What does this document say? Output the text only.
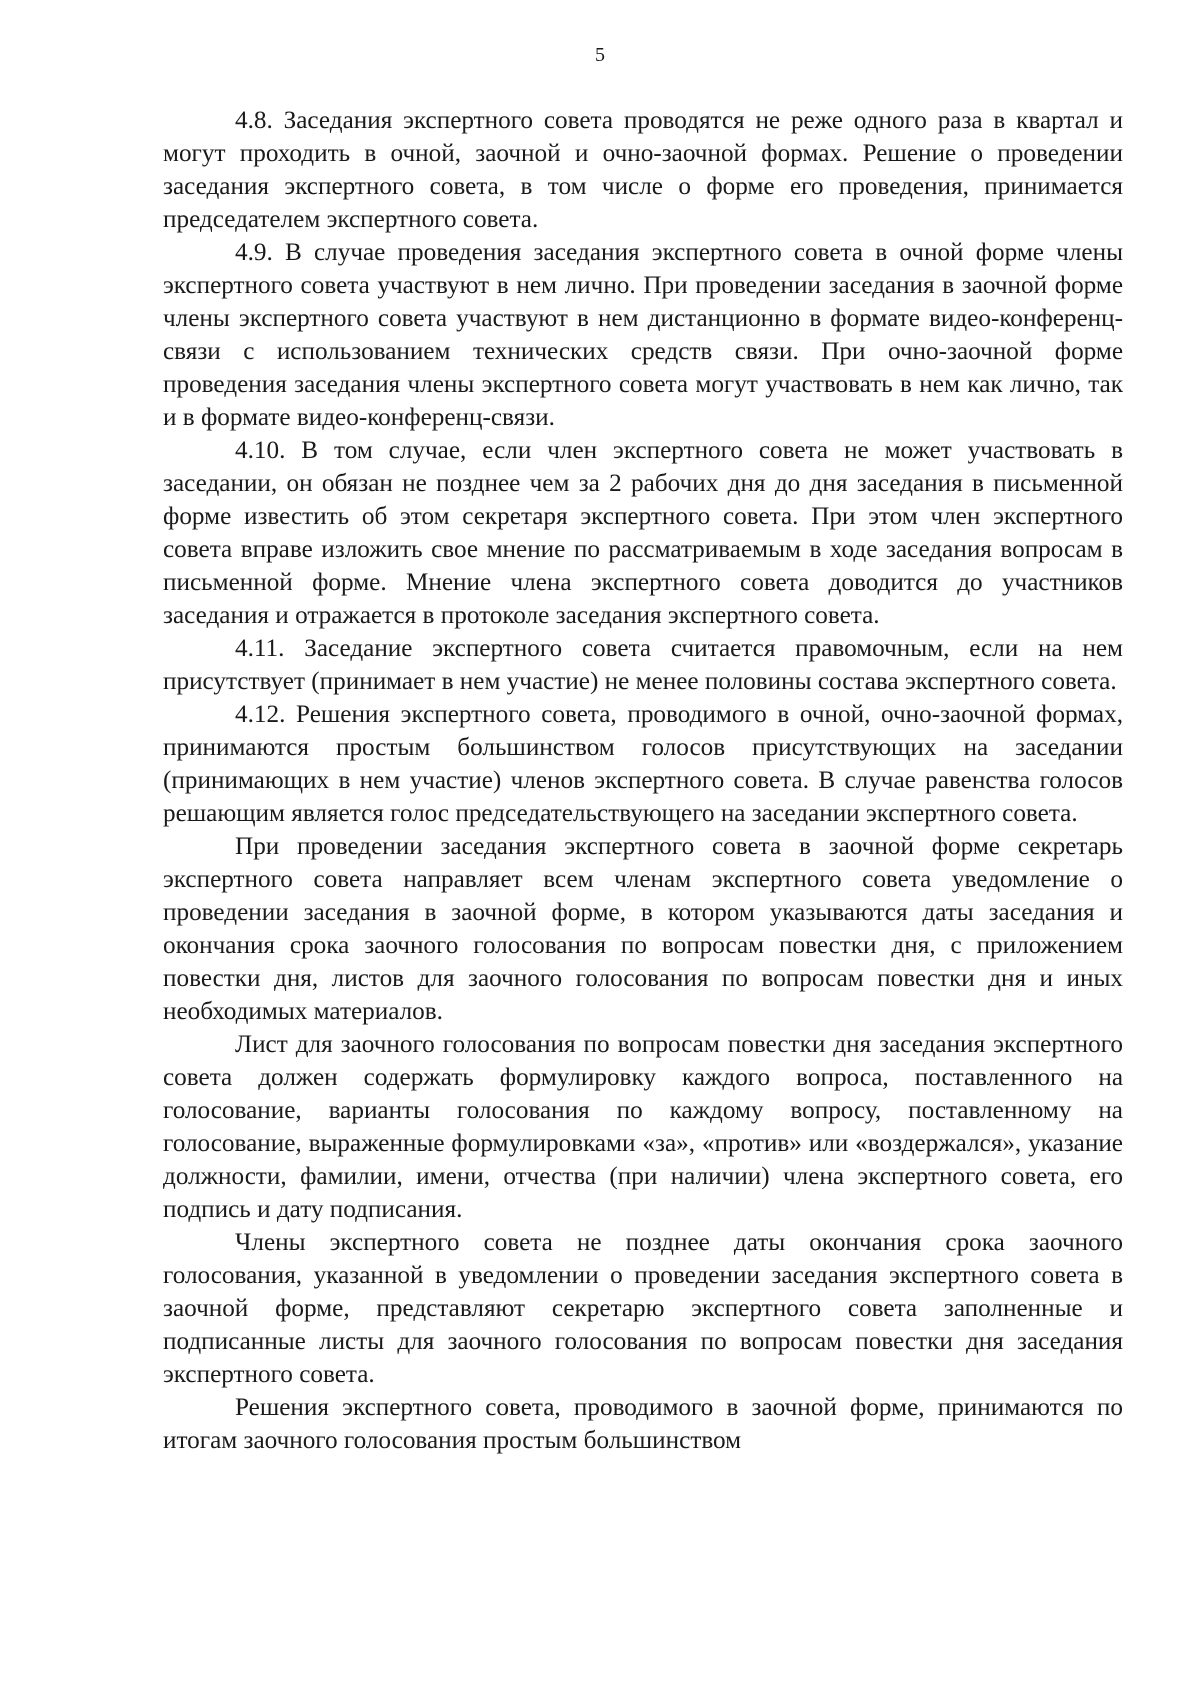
5

4.8. Заседания экспертного совета проводятся не реже одного раза в квартал и могут проходить в очной, заочной и очно-заочной формах. Решение о проведении заседания экспертного совета, в том числе о форме его проведения, принимается председателем экспертного совета.

4.9. В случае проведения заседания экспертного совета в очной форме члены экспертного совета участвуют в нем лично. При проведении заседания в заочной форме члены экспертного совета участвуют в нем дистанционно в формате видео-конференц-связи с использованием технических средств связи. При очно-заочной форме проведения заседания члены экспертного совета могут участвовать в нем как лично, так и в формате видео-конференц-связи.

4.10. В том случае, если член экспертного совета не может участвовать в заседании, он обязан не позднее чем за 2 рабочих дня до дня заседания в письменной форме известить об этом секретаря экспертного совета. При этом член экспертного совета вправе изложить свое мнение по рассматриваемым в ходе заседания вопросам в письменной форме. Мнение члена экспертного совета доводится до участников заседания и отражается в протоколе заседания экспертного совета.

4.11. Заседание экспертного совета считается правомочным, если на нем присутствует (принимает в нем участие) не менее половины состава экспертного совета.

4.12. Решения экспертного совета, проводимого в очной, очно-заочной формах, принимаются простым большинством голосов присутствующих на заседании (принимающих в нем участие) членов экспертного совета. В случае равенства голосов решающим является голос председательствующего на заседании экспертного совета.

При проведении заседания экспертного совета в заочной форме секретарь экспертного совета направляет всем членам экспертного совета уведомление о проведении заседания в заочной форме, в котором указываются даты заседания и окончания срока заочного голосования по вопросам повестки дня, с приложением повестки дня, листов для заочного голосования по вопросам повестки дня и иных необходимых материалов.

Лист для заочного голосования по вопросам повестки дня заседания экспертного совета должен содержать формулировку каждого вопроса, поставленного на голосование, варианты голосования по каждому вопросу, поставленному на голосование, выраженные формулировками «за», «против» или «воздержался», указание должности, фамилии, имени, отчества (при наличии) члена экспертного совета, его подпись и дату подписания.

Члены экспертного совета не позднее даты окончания срока заочного голосования, указанной в уведомлении о проведении заседания экспертного совета в заочной форме, представляют секретарю экспертного совета заполненные и подписанные листы для заочного голосования по вопросам повестки дня заседания экспертного совета.

Решения экспертного совета, проводимого в заочной форме, принимаются по итогам заочного голосования простым большинством
